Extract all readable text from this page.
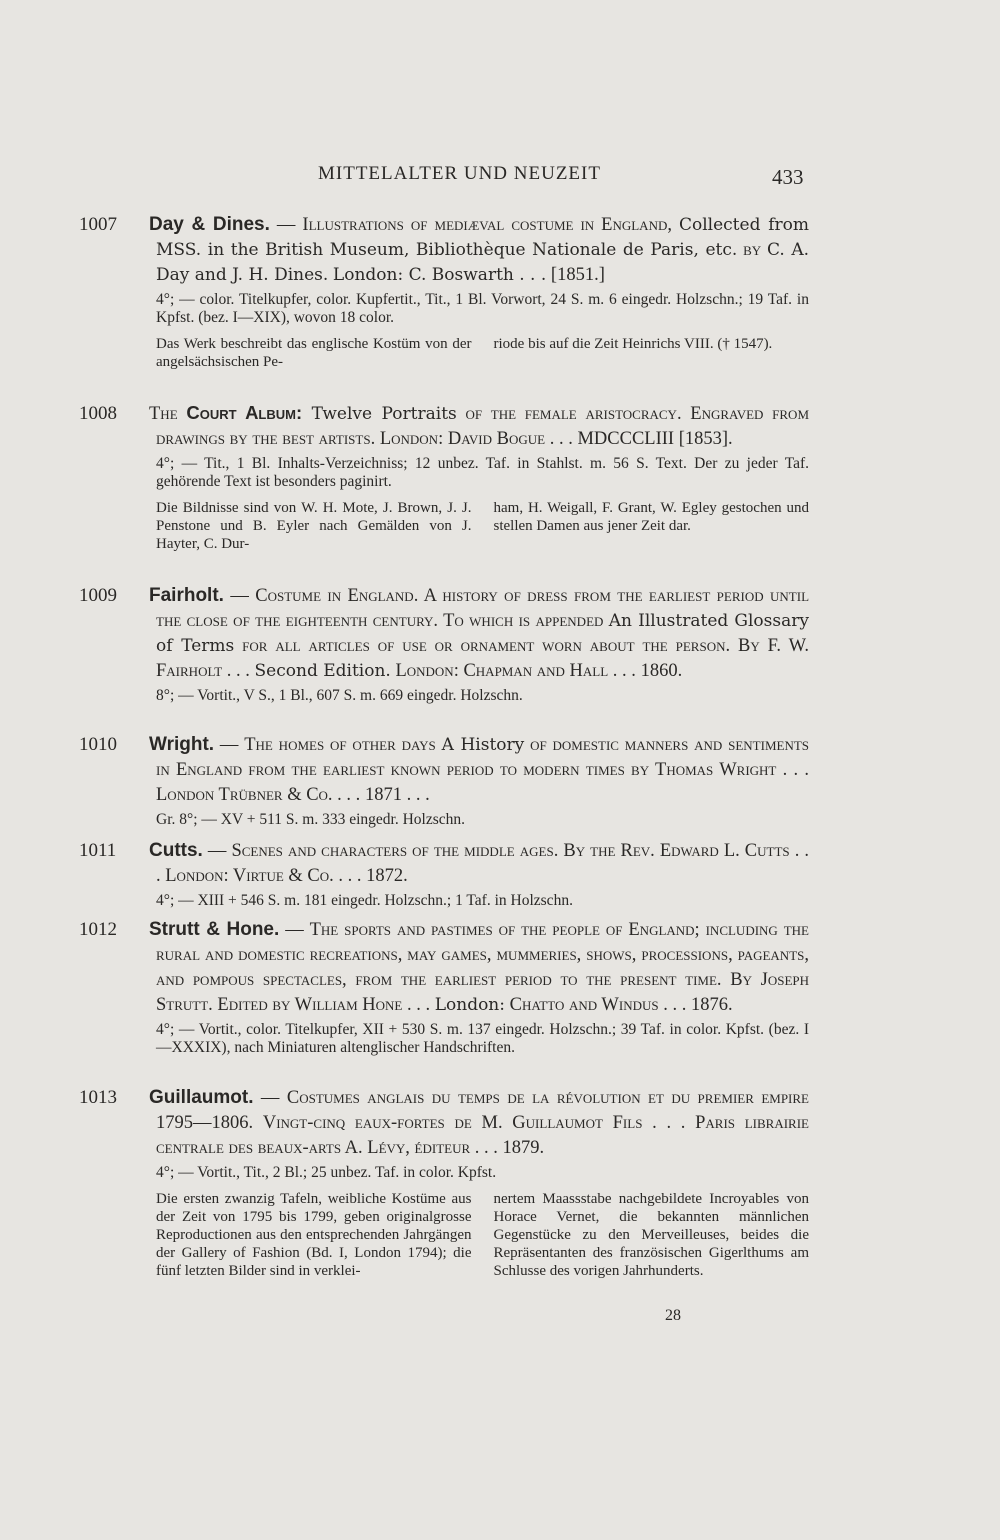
MITTELALTER UND NEUZEIT	433
1007 Day & Dines. — Illustrations of mediæval costume in England, Collected from MSS. in the British Museum, Bibliothèque Nationale de Paris, etc. by C. A. Day and J. H. Dines. London: C. Boswarth . . . [1851.]
4°; — color. Titelkupfer, color. Kupfertit., Tit., 1 Bl. Vorwort, 24 S. m. 6 eingedr. Holzschn.; 19 Taf. in Kpfst. (bez. I—XIX), wovon 18 color.
Das Werk beschreibt das englische Kostüm von der angelsächsischen Pe-
riode bis auf die Zeit Heinrichs VIII. († 1547).
1008 The Court Album: Twelve Portraits of the female aristocracy. Engraved from drawings by the best artists. London: David Bogue . . . MDCCCLIII [1853].
4°; — Tit., 1 Bl. Inhalts-Verzeichniss; 12 unbez. Taf. in Stahlst. m. 56 S. Text. Der zu jeder Taf. gehörende Text ist besonders paginirt.
Die Bildnisse sind von W. H. Mote, J. Brown, J. J. Penstone und B. Eyler nach Gemälden von J. Hayter, C. Dur-
ham, H. Weigall, F. Grant, W. Egley gestochen und stellen Damen aus jener Zeit dar.
1009 Fairholt. — Costume in England. A history of dress from the earliest period until the close of the eighteenth century. To which is appended An Illustrated Glossary of Terms for all articles of use or ornament worn about the person. By F. W. Fairholt . . . Second Edition. London: Chapman and Hall . . . 1860.
8°; — Vortit., V S., 1 Bl., 607 S. m. 669 eingedr. Holzschn.
1010 Wright. — The homes of other days A History of domestic manners and sentiments in England from the earliest known period to modern times by Thomas Wright . . . London Trübner & Co. . . . 1871 . . .
Gr. 8°; — XV + 511 S. m. 333 eingedr. Holzschn.
1011 Cutts. — Scenes and characters of the middle ages. By the Rev. Edward L. Cutts . . . London: Virtue & Co. . . . 1872.
4°; — XIII + 546 S. m. 181 eingedr. Holzschn.; 1 Taf. in Holzschn.
1012 Strutt & Hone. — The sports and pastimes of the people of England; including the rural and domestic recreations, may games, mummeries, shows, processions, pageants, and pompous spectacles, from the earliest period to the present time. By Joseph Strutt. Edited by William Hone . . . London: Chatto and Windus . . . 1876.
4°; — Vortit., color. Titelkupfer, XII + 530 S. m. 137 eingedr. Holzschn.; 39 Taf. in color. Kpfst. (bez. I—XXXIX), nach Miniaturen altenglischer Handschriften.
1013 Guillaumot. — Costumes anglais du temps de la révolution et du premier empire 1795—1806. Vingt-cinq eaux-fortes de M. Guillaumot Fils . . . Paris librairie centrale des beaux-arts A. Lévy, éditeur . . . 1879.
4°; — Vortit., Tit., 2 Bl.; 25 unbez. Taf. in color. Kpfst.
Die ersten zwanzig Tafeln, weibliche Kostüme aus der Zeit von 1795 bis 1799, geben originalgrosse Reproductionen aus den entsprechenden Jahrgängen der Gallery of Fashion (Bd. I, London 1794); die fünf letzten Bilder sind in verklei-
nertem Maassstabe nachgebildete Incroyables von Horace Vernet, die bekannten männlichen Gegenstücke zu den Merveilleuses, beides die Repräsentanten des französischen Gigerlthums am Schlusse des vorigen Jahrhunderts.
28
